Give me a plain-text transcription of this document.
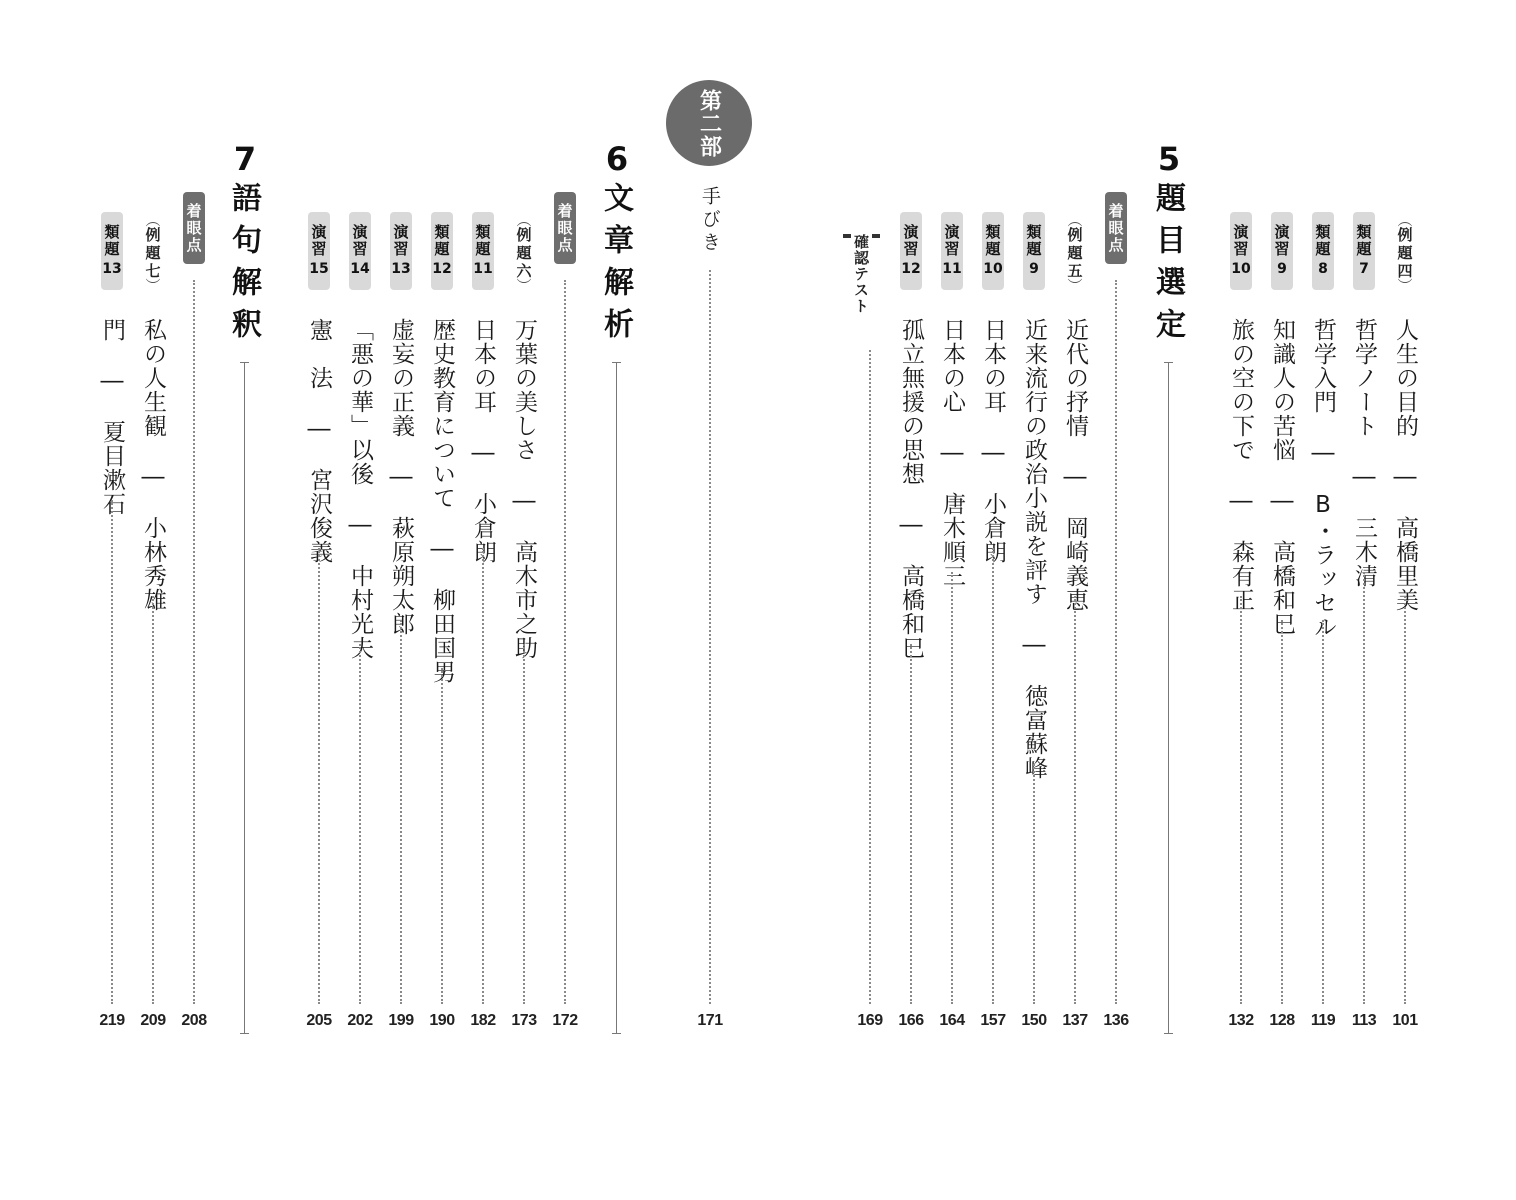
第二部
5
題目選定
6
文章解析
7
語句解釈	︵
例
題
四
︶
人生の目的 ― 高橋里美
101
類
題
7
哲学ノート ― 三木清
113
類
題
8
哲学入門 ― B・ラッセル
119
演
習
9
知識人の苦悩 ― 高橋和巳
128
演
習
10
旅の空の下で ― 森有正
132
着
眼
点
136
︵
例
題
五
︶
近代の抒情 ― 岡崎義恵
137
類
題
9
近来流行の政治小説を評す ― 徳富蘇峰
150
類
題
10
日本の耳 ― 小倉朗
157
演
習
11
日本の心 ― 唐木順三
164
演
習
12
孤立無援の思想 ― 高橋和巳
166
確認テスト
169
手びき
171
着
眼
点
172
︵
例
題
六
︶
万葉の美しさ ― 高木市之助
173
類
題
11
日本の耳 ― 小倉朗
182
類
題
12
歴史教育について ― 柳田国男
190
演
習
13
虚妄の正義 ― 萩原朔太郎
199
演
習
14
「悪の華」以後 ― 中村光夫
202
演
習
15
憲　法 ― 宮沢俊義
205
着
眼
点
208
︵
例
題
七
︶
私の人生観 ― 小林秀雄
209
類
題
13
門 ― 夏目漱石
219
